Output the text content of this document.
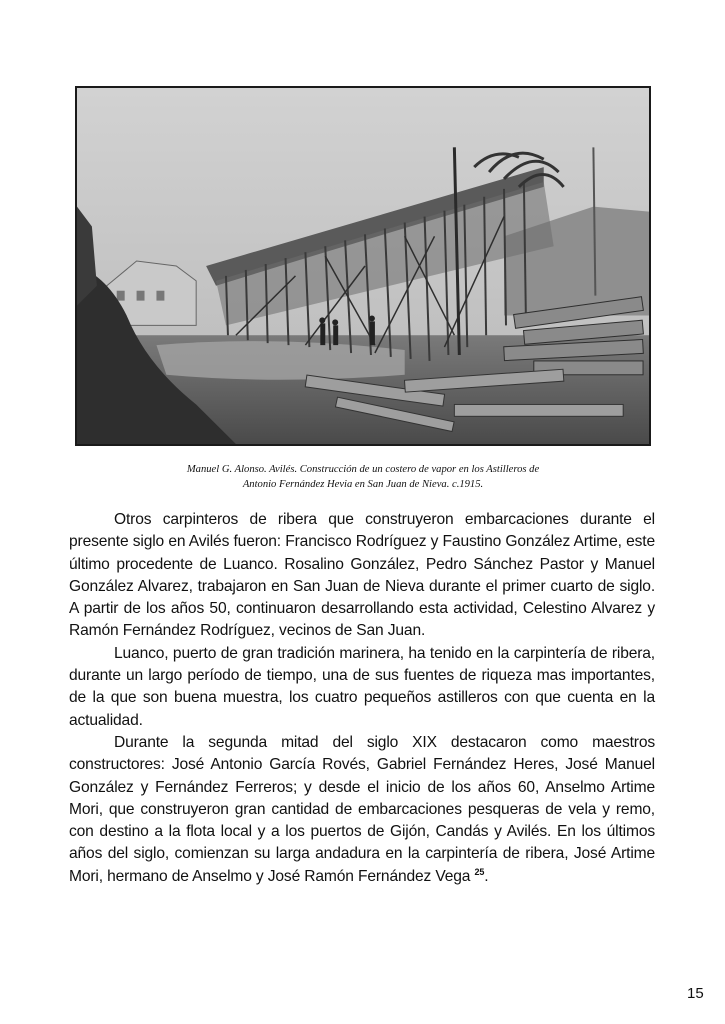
Manuel G. Alonso. Avilés. Construcción de un costero de vapor en los Astilleros de
Antonio Fernández Hevia en San Juan de Nieva. c.1915.

Otros carpinteros de ribera que construyeron embarcaciones durante el presente siglo en Avilés fueron: Francisco Rodríguez y Faustino González Artime, este último procedente de Luanco. Rosalino González, Pedro Sánchez Pastor y Manuel González Alvarez, trabajaron en San Juan de Nieva durante el primer cuarto de siglo. A partir de los años 50, continuaron desarrollando esta actividad, Celestino Alvarez y Ramón Fernández Rodríguez, vecinos de San Juan.

Luanco, puerto de gran tradición marinera, ha tenido en la carpintería de ribera, durante un largo período de tiempo, una de sus fuentes de riqueza mas importantes, de la que son buena muestra, los cuatro pequeños astilleros con que cuenta en la actualidad.

Durante la segunda mitad del siglo XIX destacaron como maestros constructores: José Antonio García Rovés, Gabriel Fernández Heres, José Manuel González y Fernández Ferreros; y desde el inicio de los años 60, Anselmo Artime Mori, que construyeron gran cantidad de embarcaciones pesqueras de vela y remo, con destino a la flota local y a los puertos de Gijón, Candás y Avilés. En los últimos años del siglo, comienzan su larga andadura en la carpintería de ribera, José Artime Mori, hermano de Anselmo y José Ramón Fernández Vega $^{25}$.

15
